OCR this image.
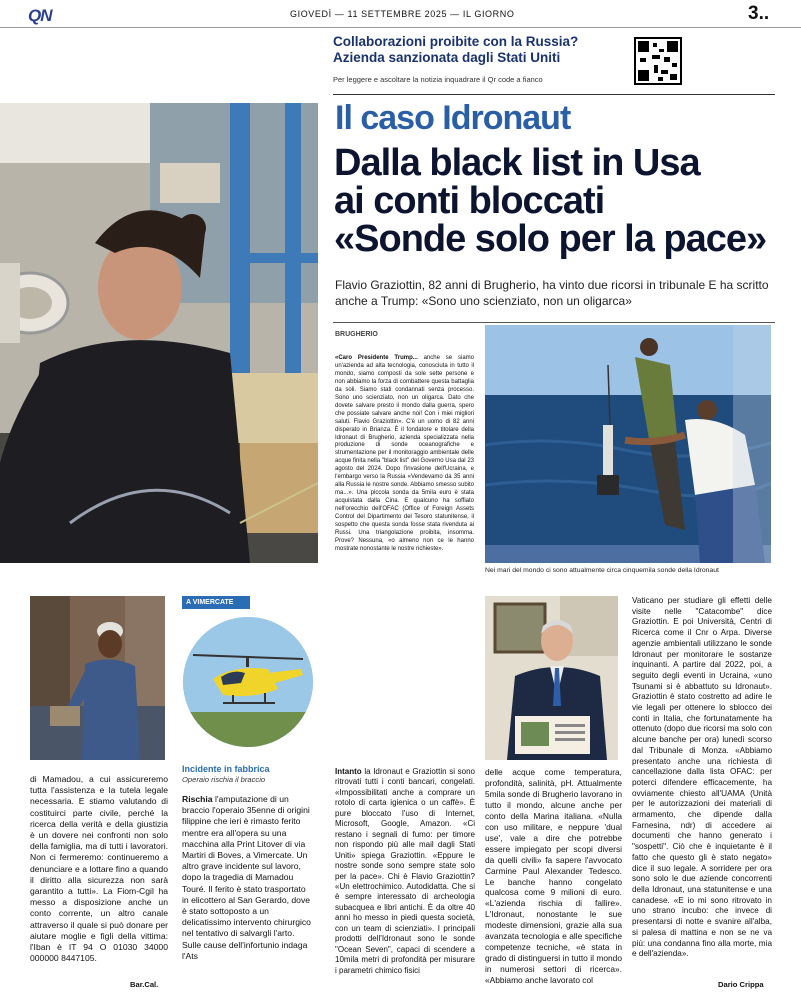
QN	GIOVEDÌ — 11 SETTEMBRE 2025 — IL GIORNO	3..
Collaborazioni proibite con la Russia?
Azienda sanzionata dagli Stati Uniti
Per leggere e ascoltare la notizia inquadrare il Qr code a fianco
Il caso Idronaut
Dalla black list in Usa
ai conti bloccati
«Sonde solo per la pace»
Flavio Graziottin, 82 anni di Brugherio, ha vinto due ricorsi in tribunale E ha scritto anche a Trump: «Sono uno scienziato, non un oligarca»
BRUGHERIO
«Caro Presidente Trump... anche se siamo un'azienda ad alta tecnologia, conosciuta in tutto il mondo, siamo composti da sole sette persone e non abbiamo la forza di combattere questa battaglia da soli. Siamo stati condannati senza processo. Sono uno scienziato, non un oligarca. Dato che dovete salvare presto il mondo dalla guerra, spero che possiate salvare anche noi! Con i miei migliori saluti. Flavio Graziottin». C'è un uomo di 82 anni disperato in Brianza. È il fondatore e titolare della Idronaut di Brugherio, azienda specializzata nella produzione di sonde oceanografiche e strumentazione per il monitoraggio ambientale delle acque finita nella "black list" del Governo Usa dal 23 agosto del 2024. Dopo l'invasione dell'Ucraina, e l'embargo verso la Russia «Vendevamo da 35 anni alla Russia le nostre sonde. Abbiamo smesso subito ma...». Una piccola sonda da 5mila euro è stata acquistata dalla Cina. E qualcuno ha soffiato nell'orecchio dell'OFAC (Office of Foreign Assets Control del Dipartimento del Tesoro statunitense, il sospetto che questa sonda fosse stata rivenduta ai Russi. Una triangolazione proibita, insomma. Prove? Nessuna, «o almeno non ce le hanno mostrate nonostante le nostre richieste».
Nei mari del mondo ci sono attualmente circa cinquemila sonde della Idronaut
A VIMERCATE
Incidente in fabbrica
Operaio rischia il braccio
Rischia l'amputazione di un braccio l'operaio 35enne di origini filippine che ieri è rimasto ferito mentre era all'opera su una macchina alla Print Litover di via Martiri di Boves, a Vimercate. Un altro grave incidente sul lavoro, dopo la tragedia di Mamadou Touré. Il ferito è stato trasportato in elicottero al San Gerardo, dove è stato sottoposto a un delicatissimo intervento chirurgico nel tentativo di salvargli l'arto. Sulle cause dell'infortunio indaga l'Ats
di Mamadou, a cui assicureremo tutta l'assistenza e la tutela legale necessaria. E stiamo valutando di costituirci parte civile, perché la ricerca della verità e della giustizia è un dovere nei confronti non solo della famiglia, ma di tutti i lavoratori. Non ci fermeremo: continueremo a denunciare e a lottare fino a quando il diritto alla sicurezza non sarà garantito a tutti». La Fiom-Cgil ha messo a disposizione anche un conto corrente, un altro canale attraverso il quale si può donare per aiutare moglie e figli della vittima: l'Iban è IT 94 O 01030 34000 000000 8447105.
Bar.Cal.
Intanto la Idronaut e Graziottin si sono ritrovati tutti i conti bancari, congelati. «Impossibilitati anche a comprare un rotolo di carta igienica o un caffè». È pure bloccato l'uso di Internet, Microsoft, Google, Amazon. «Ci restano i segnali di fumo: per timore non rispondo più alle mail dagli Stati Uniti» spiega Graziottin. «Eppure le nostre sonde sono sempre state solo per la pace». Chi è Flavio Graziottin? «Un elettrochimico. Autodidatta. Che si è sempre interessato di archeologia subacquea e libri antichi. È da oltre 40 anni ho messo in piedi questa società, con un team di scienziati». I principali prodotti dell'Idronaut sono le sonde "Ocean Seven", capaci di scendere a 10mila metri di profondità per misurare i parametri chimico fisici
delle acque come temperatura, profondità, salinità, pH. Attualmente 5mila sonde di Brugherio lavorano in tutto il mondo, alcune anche per conto della Marina italiana. «Nulla con uso militare, e neppure 'dual use', vale a dire che potrebbe essere impiegato per scopi diversi da quelli civili» fa sapere l'avvocato Carmine Paul Alexander Tedesco. Le banche hanno congelato qualcosa come 9 milioni di euro. «L'azienda rischia di fallire». L'Idronaut, nonostante le sue modeste dimensioni, grazie alla sua avanzata tecnologia e alle specifiche competenze tecniche, «è stata in grado di distinguersi in tutto il mondo in numerosi settori di ricerca». «Abbiamo anche lavorato col
Vaticano per studiare gli effetti delle visite nelle "Catacombe" dice Graziottin. E poi Università, Centri di Ricerca come il Cnr o Arpa. Diverse agenzie ambientali utilizzano le sonde Idronaut per monitorare le sostanze inquinanti. A partire dal 2022, poi, a seguito degli eventi in Ucraina, «uno Tsunami si è abbattuto su Idronaut». Graziottin è stato costretto ad adire le vie legali per ottenere lo sblocco dei conti in Italia, che fortunatamente ha ottenuto (dopo due ricorsi ma solo con alcune banche per ora) lunedì scorso dal Tribunale di Monza. «Abbiamo presentato anche una richiesta di cancellazione dalla lista OFAC: per poterci difendere efficacemente, ha ovviamente chiesto all'UAMA (Unità per le autorizzazioni dei materiali di armamento, che dipende dalla Farnesina, ndr) di accedere ai documenti che hanno generato i "sospetti". Ciò che è inquietante è il fatto che questo gli è stato negato» dice il suo legale. A sorridere per ora sono solo le due aziende concorrenti della Idronaut, una statunitense e una canadese. «E io mi sono ritrovato in uno strano incubo: che invece di presentarsi di notte e svanire all'alba, si palesa di mattina e non se ne va più: una condanna fino alla morte, mia e dell'azienda».
Dario Crippa
